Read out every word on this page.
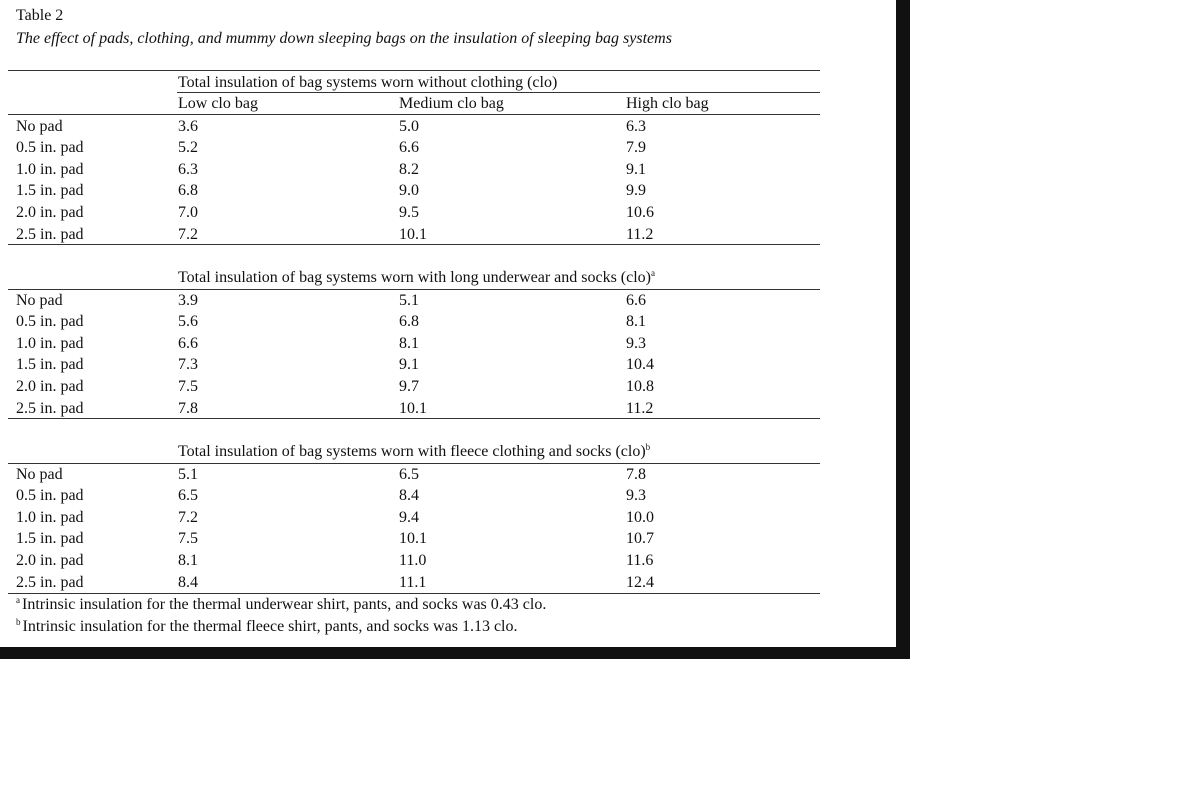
Table 2
The effect of pads, clothing, and mummy down sleeping bags on the insulation of sleeping bag systems
Total insulation of bag systems worn without clothing (clo)
Low clo bag	Medium clo bag	High clo bag
No pad	3.6	5.0	6.3
0.5 in. pad	5.2	6.6	7.9
1.0 in. pad	6.3	8.2	9.1
1.5 in. pad	6.8	9.0	9.9
2.0 in. pad	7.0	9.5	10.6
2.5 in. pad	7.2	10.1	11.2
Total insulation of bag systems worn with long underwear and socks (clo)$^a$
No pad	3.9	5.1	6.6
0.5 in. pad	5.6	6.8	8.1
1.0 in. pad	6.6	8.1	9.3
1.5 in. pad	7.3	9.1	10.4
2.0 in. pad	7.5	9.7	10.8
2.5 in. pad	7.8	10.1	11.2
Total insulation of bag systems worn with fleece clothing and socks (clo)$^b$
No pad	5.1	6.5	7.8
0.5 in. pad	6.5	8.4	9.3
1.0 in. pad	7.2	9.4	10.0
1.5 in. pad	7.5	10.1	10.7
2.0 in. pad	8.1	11.0	11.6
2.5 in. pad	8.4	11.1	12.4
$^a$ Intrinsic insulation for the thermal underwear shirt, pants, and socks was 0.43 clo.
$^b$ Intrinsic insulation for the thermal fleece shirt, pants, and socks was 1.13 clo.
